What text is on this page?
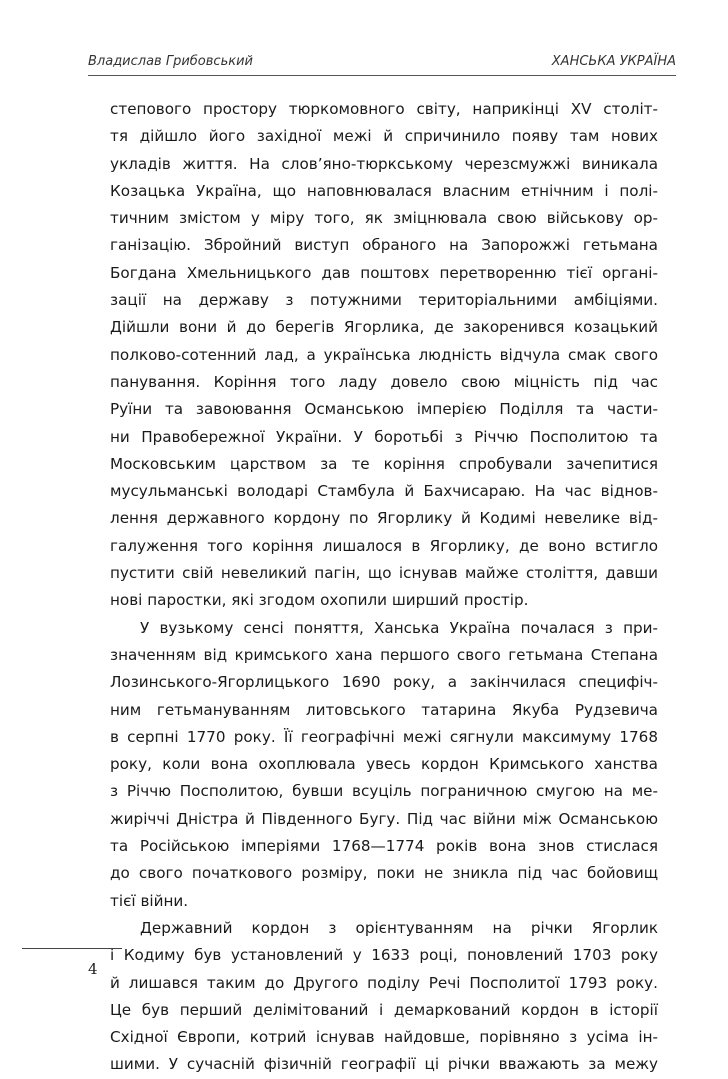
Владислав Грибовський	ХАНСЬКА УКРАЇНА
степового простору тюркомовного світу, наприкінці XV століт-
тя дійшло його західної межі й спричинило появу там нових
укладів життя. На слов’яно-тюркському черезсмужжі виникала
Козацька Україна, що наповнювалася власним етнічним і полі-
тичним змістом у міру того, як зміцнювала свою військову ор-
ганізацію. Збройний виступ обраного на Запорожжі гетьмана
Богдана Хмельницького дав поштовх перетворенню тієї органі-
зації на державу з потужними територіальними амбіціями.
Дійшли вони й до берегів Ягорлика, де закоренився козацький
полково-сотенний лад, а українська людність відчула смак свого
панування. Коріння того ладу довело свою міцність під час
Руїни та завоювання Османською імперією Поділля та части-
ни Правобережної України. У боротьбі з Річчю Посполитою та
Московським царством за те коріння спробували зачепитися
мусульманські володарі Стамбула й Бахчисараю. На час віднов-
лення державного кордону по Ягорлику й Кодимі невелике від-
галуження того коріння лишалося в Ягорлику, де воно встигло
пустити свій невеликий пагін, що існував майже століття, давши
нові паростки, які згодом охопили ширший простір.
У вузькому сенсі поняття, Ханська Україна почалася з при-
значенням від кримського хана першого свого гетьмана Степана
Лозинського-Ягорлицького 1690 року, а закінчилася специфіч-
ним гетьмануванням литовського татарина Якуба Рудзевича
в серпні 1770 року. Її географічні межі сягнули максимуму 1768
року, коли вона охоплювала увесь кордон Кримського ханства
з Річчю Посполитою, бувши всуціль пограничною смугою на ме-
жиріччі Дністра й Південного Бугу. Під час війни між Османською
та Російською імперіями 1768—1774 років вона знов стислася
до свого початкового розміру, поки не зникла під час бойовищ
тієї війни.
Державний кордон з орієнтуванням на річки Ягорлик
і Кодиму був установлений у 1633 році, поновлений 1703 року
й лишався таким до Другого поділу Речі Посполитої 1793 року.
Це був перший делімітований і демаркований кордон в історії
Східної Європи, котрий існував найдовше, порівняно з усіма ін-
шими. У сучасній фізичній географії ці річки вважають за межу
4
